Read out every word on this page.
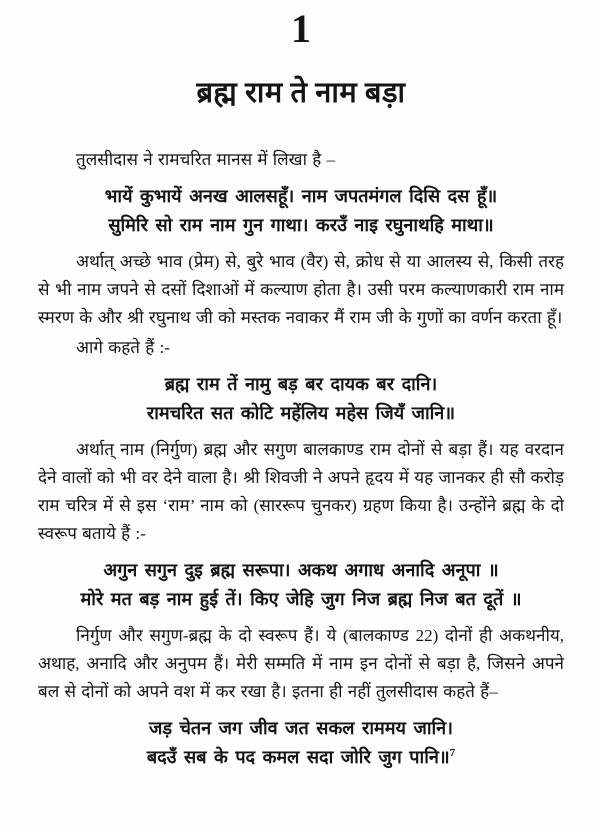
1
ब्रह्म राम ते नाम बड़ा

तुलसीदास ने रामचरित मानस में लिखा है –

भायें कुभायें अनख आलसहूँ। नाम जपतमंगल दिसि दस हूँ॥
सुमिरि सो राम नाम गुन गाथा। करउँ नाइ रघुनाथहि माथा॥

अर्थात् अच्छे भाव (प्रेम) से, बुरे भाव (वैर) से, क्रोध से या आलस्य से, किसी तरह से भी नाम जपने से दसों दिशाओं में कल्याण होता है। उसी परम कल्याणकारी राम नाम स्मरण के और श्री रघुनाथ जी को मस्तक नवाकर मैं राम जी के गुणों का वर्णन करता हूँ।

आगे कहते हैं :-

ब्रह्म राम तें नामु बड़ बर दायक बर दानि।
रामचरित सत कोटि महेंलिय महेस जियँ जानि॥

अर्थात् नाम (निर्गुण) ब्रह्म और सगुण बालकाण्ड राम दोनों से बड़ा हैं। यह वरदान देने वालों को भी वर देने वाला है। श्री शिवजी ने अपने हृदय में यह जानकर ही सौ करोड़ राम चरित्र में से इस ‘राम’ नाम को (साररूप चुनकर) ग्रहण किया है। उन्होंने ब्रह्म के दो स्वरूप बताये हैं :-

अगुन सगुन दुइ ब्रह्म सरूपा। अकथ अगाध अनादि अनूपा ॥
मोरे मत बड़ नाम हुई तें। किए जेहि जुग निज ब्रह्म निज बत दूतें ॥

निर्गुण और सगुण-ब्रह्म के दो स्वरूप हैं। ये (बालकाण्ड 22) दोनों ही अकथनीय, अथाह, अनादि और अनुपम हैं। मेरी सम्मति में नाम इन दोनों से बड़ा है, जिसने अपने बल से दोनों को अपने वश में कर रखा है। इतना ही नहीं तुलसीदास कहते हैं–

जड़ चेतन जग जीव जत सकल राममय जानि।
बदउँ सब के पद कमल सदा जोरि जुग पानि॥$^7$
